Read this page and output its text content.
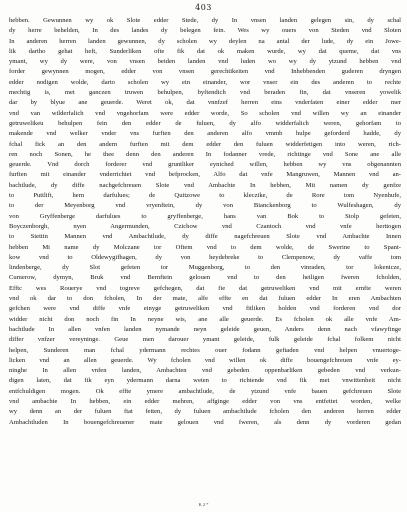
403
hebben. Gewunnen wy ok Slote edder Stede, dy In vnsen landen gelegen sin, dy schal
dy herre behelden, In des landes dy belegen fein. Wes wy ouers von Steden vnd Sloten
In anderen herren landen gewunnen, dy scholen wy deylen na antal der lude, dy ein Jowe-
lik dartho gehat heft, Sunderliken ofte fik dat ok maken wurde, wy dat queme, dat vns
ymant, wy dy were, von vnsen beiden landen vnd luden wo wy dy ytzund hebben vnd
forder gewynnen mogen, edder von vnsen gerechtikeiten vnd Inhebbenden guderen dryngen
edder nodigen wolde, darto scholen wy ein einander, wor vnser ein des anderen to rechte
mechtig is, met ganczen truwen behulpen, byftendich vnd beraden fin, dat vnseren yowelik
dar by blyue ane geuerde. Weret ok, dat vnnfzef herren eins vnderfaten einer edder mer
vnd van wilderfalich vnd vngehorfam were edder worde, So scholen vnd willen wy an einander
getruwelikeu behulpen fein den edder de fuluen, dy alfo widderfalich weren, gehorfam to
makende vnd welker vnder vns furften den anderen alfo vmmb hulpe geforderd hadde, dy
fchal fick an den andern furften mit dem edder den fuluen widderfetigen into weren, rich-
ren noch Sonen, he thee denn den anderen In fodanner vrede, richtinge vnd Sone ane alle
geuerde. Vnd dorch forderer vnd gruntliker eyniched willen, hebben wy vns obgenannten
furften mit einander vnderrichtet vnd befprocken, Alfo dat vnfe Mangruwen, Mannen vnd an-
bachtlude, dy diffe nachgefchreuen Slote vnd Ambachte In hebben, Mit namen dy genfze
to Puttlift, hern darfulues; de Quitzowe to kleczike, de Rore tom Nyenhufe,
to der Meyenborg vnd vryenftein, dy von Bianckenborg to Wulfeshagen, dy
von Gryffenberge darfulues to gryffenberge, hans van Bok to Stolp gefeten,
Boyczenborgh, nyen Angermunden, Czichow vnd Czantoch vnd vnfe herttogen
to Stettin Mannen vnd Ambachtlude, dy diffe nagefchreuen Slote vnd Ambachte Innen
hebben Mi name dy Molczane tor Oftem vnd to dem wolde, de Swerine to Spant-
kow vnd to Oldewygifhagen, dy von heydebreke to Clempenow, dy vaffe tom
lindenberge, dy Slot gefeten tor Muggenborg, to den vinraden, tor lokenicze,
Cumerow, dymyn, Bruk vnd Bernftein gelouen vnd to den heiligen fweren fcholden,
Efftc wes Rouerye vnd togreve gefchegen, dat fie dat getruweliken vnd mit ernfte weren
vnd ok dar to don fcholen, In der mate, alfe effte en dat fuluen edder In eren Ambachten
gefchen were vnd diffe vnfe einyge getruweliken vnd fitliken holden vnd forderen vnd dor
widder nicht don noch fin In neyne wis, ane alle geuerde. Es fcholen ok alle vnfe Am-
bachtlude In allen vnfen landen nymande neyn geleide geuen, Anders denn nach vfawyfinge
differ vnfzer vereyninge. Geue men darouer ymant geleide, fulk geleide fchal folkem nicht
helpen, Sunderen man fchal ydermann rechtes ouer fodann geftaden vnd helpen vnuertoge-
licken vnd an allen geuerde. Wy fcholen vnd willen ok diffe bouengefchreuen vnfe ey-
ninghe In allen vnfen landen, Ambachten vnd gebeden oppenbarliken gebeden vnd verkun-
digen laten, dat fik eyn ydermann darna weten to richtende vnd fik met vnwittenheit nicht
entfchuldigen mogen. Ok effte ymere ambachtlude, de ytzund vnfe bauen gefchreuen Slote
vnd ambachte In hebben, ein edder mehren, affginge edder von vns entfettet worden, welke
wy denn an der fuluen ftat fetten, dy fuluen ambachtlude fcholen den anderen herren edder
Ambachtluden In bouengefchreuener mate gelouen vnd fweren, als denn dy vorderen gedan
K 2 *
